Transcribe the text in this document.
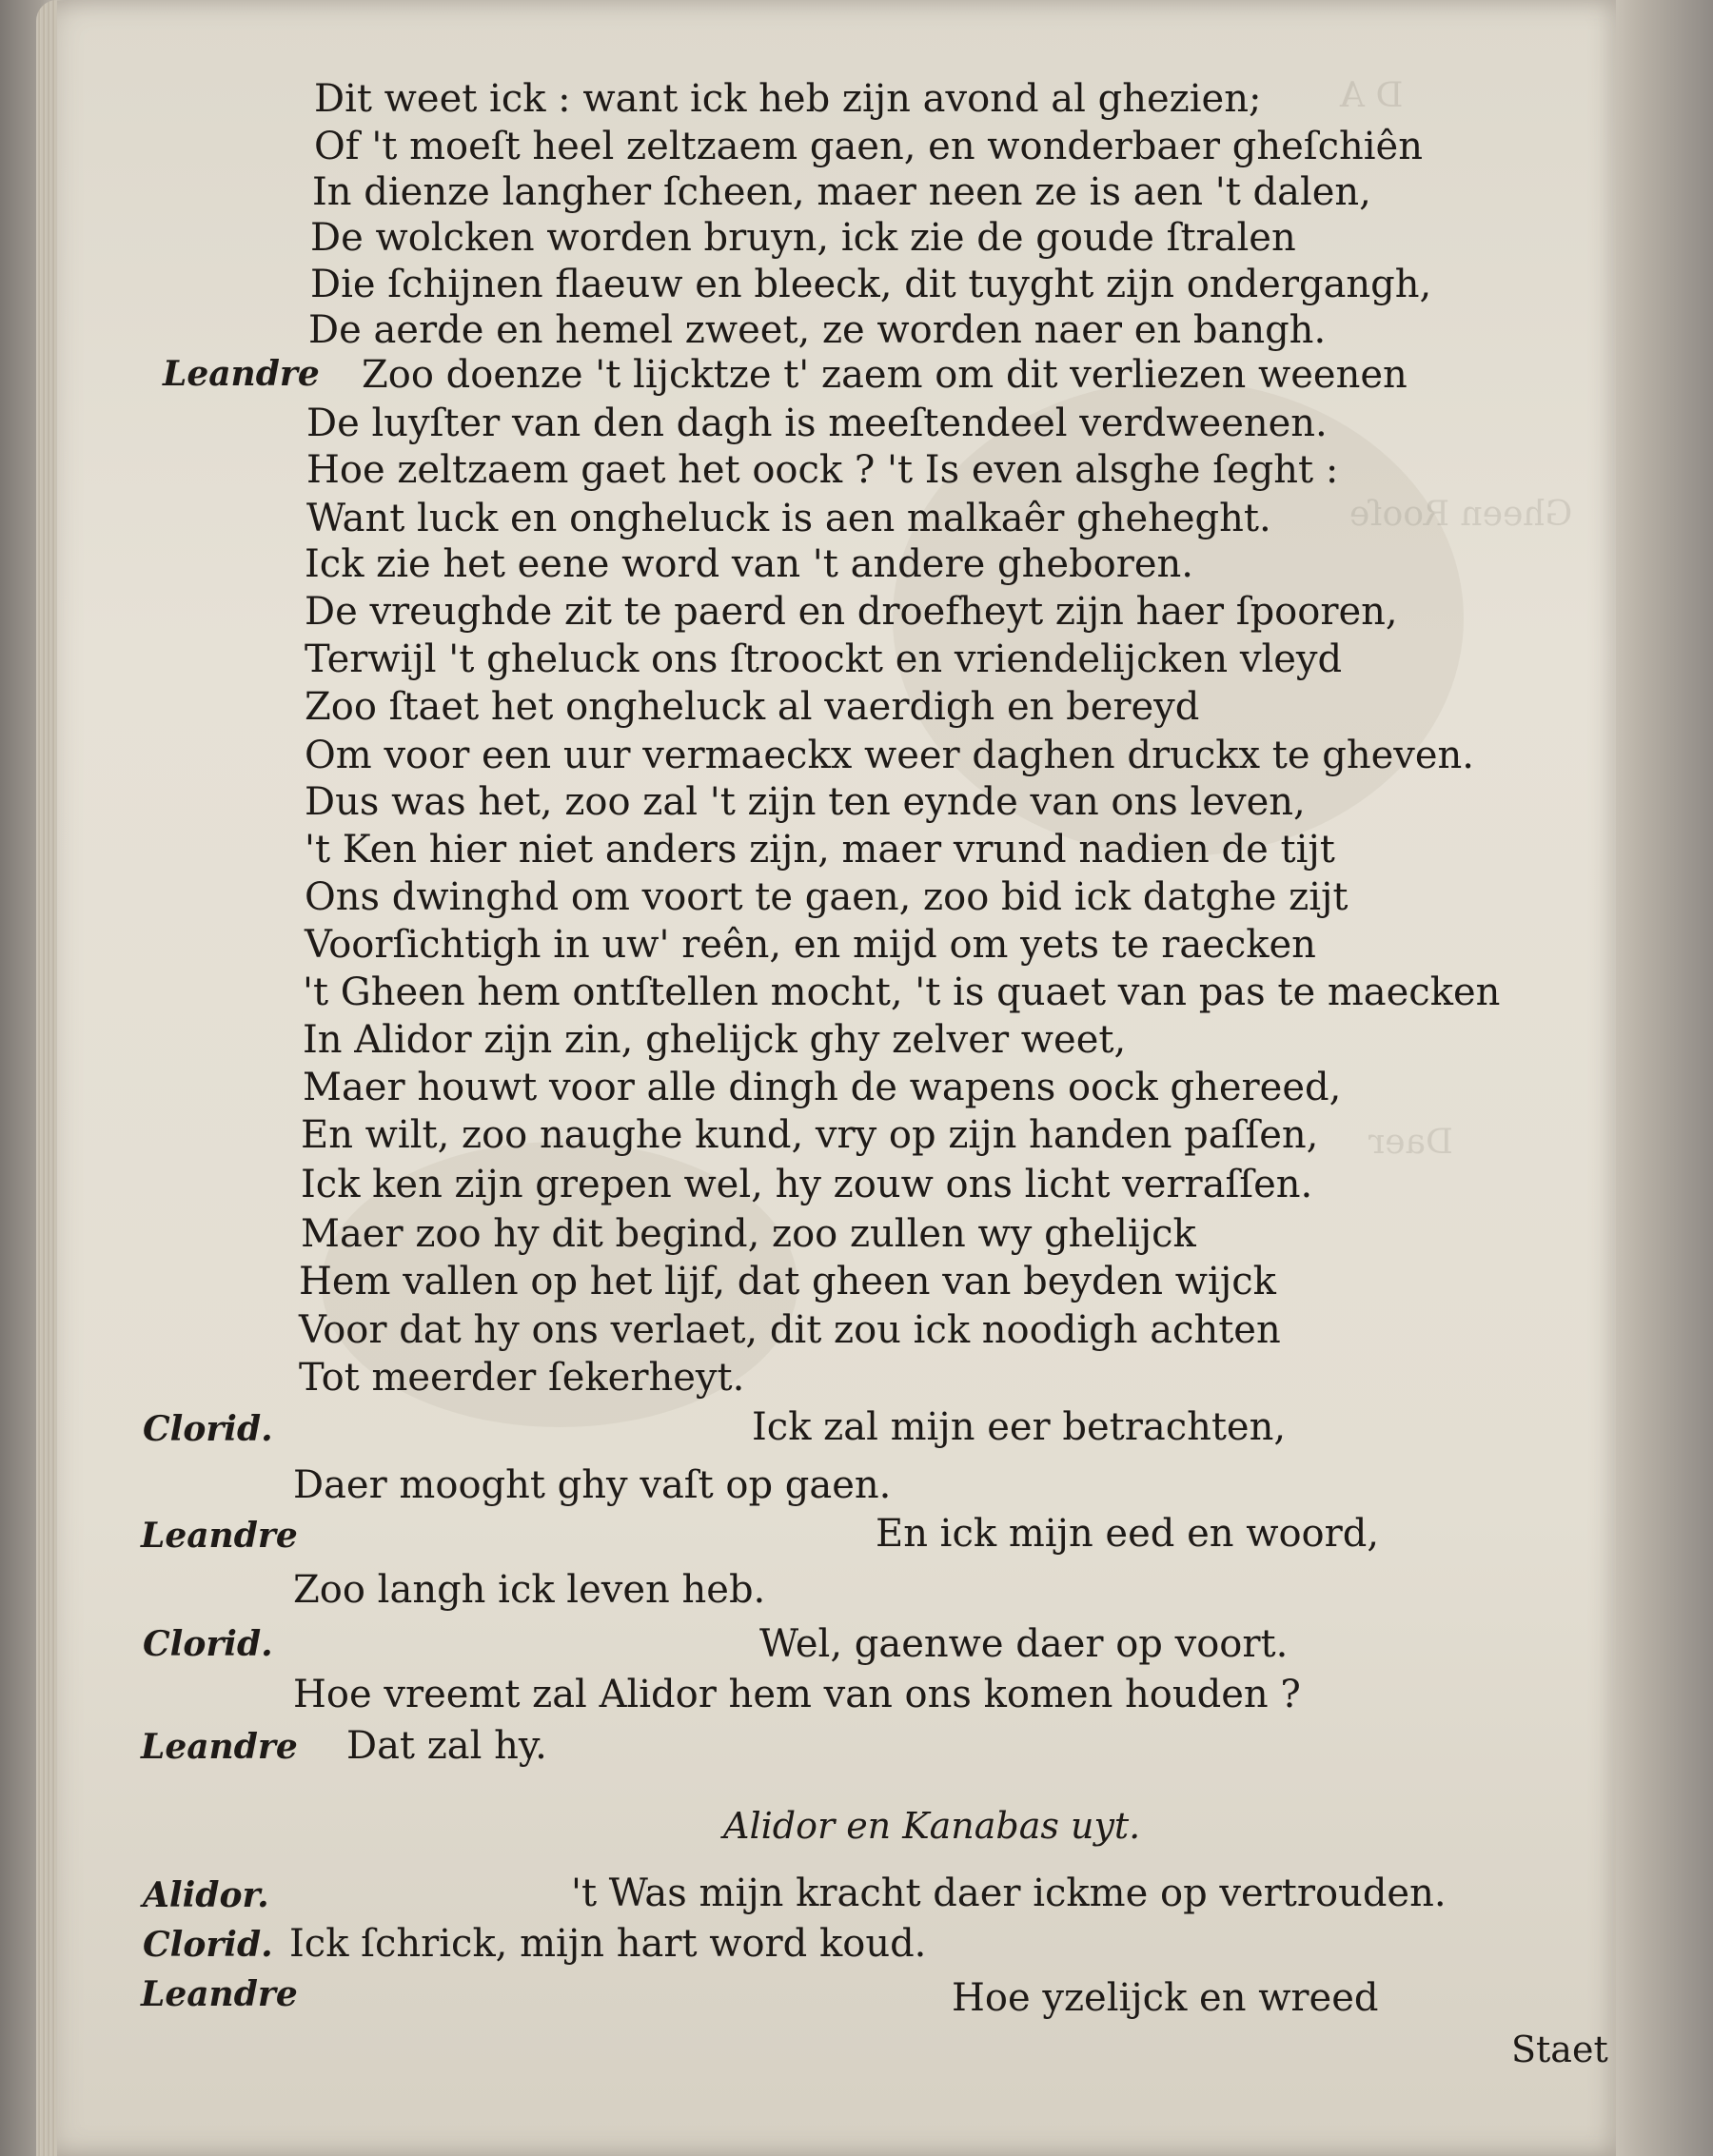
D A
Gheen Rooſe
Daer
Dit weet ick : want ick heb zijn avond al ghezien;
Of 't moeſt heel zeltzaem gaen, en wonderbaer gheſchiên
In dienze langher ſcheen, maer neen ze is aen 't dalen,
De wolcken worden bruyn, ick zie de goude ſtralen
Die ſchijnen flaeuw en bleeck, dit tuyght zijn ondergangh,
De aerde en hemel zweet, ze worden naer en bangh.
Leandre Zoo doenze 't lijcktze t' zaem om dit verliezen weenen
De luyſter van den dagh is meeſtendeel verdweenen.
Hoe zeltzaem gaet het oock ? 't Is even alsghe ſeght :
Want luck en ongheluck is aen malkaêr gheheght.
Ick zie het eene word van 't andere gheboren.
De vreughde zit te paerd en droefheyt zijn haer ſpooren,
Terwijl 't gheluck ons ſtroockt en vriendelijcken vleyd
Zoo ſtaet het ongheluck al vaerdigh en bereyd
Om voor een uur vermaeckx weer daghen druckx te gheven.
Dus was het, zoo zal 't zijn ten eynde van ons leven,
't Ken hier niet anders zijn, maer vrund nadien de tijt
Ons dwinghd om voort te gaen, zoo bid ick datghe zijt
Voorſichtigh in uw' reên, en mijd om yets te raecken
't Gheen hem ontſtellen mocht, 't is quaet van pas te maecken
In Alidor zijn zin, ghelijck ghy zelver weet,
Maer houwt voor alle dingh de wapens oock ghereed,
En wilt, zoo naughe kund, vry op zijn handen paſſen,
Ick ken zijn grepen wel, hy zouw ons licht verraſſen.
Maer zoo hy dit begind, zoo zullen wy ghelijck
Hem vallen op het lijf, dat gheen van beyden wijck
Voor dat hy ons verlaet, dit zou ick noodigh achten
Tot meerder ſekerheyt.
Clorid.	Ick zal mijn eer betrachten,
Daer mooght ghy vaſt op gaen.
Leandre	En ick mijn eed en woord,
Zoo langh ick leven heb.
Clorid.	Wel, gaenwe daer op voort.
Hoe vreemt zal Alidor hem van ons komen houden ?
Leandre Dat zal hy.
Alidor en Kanabas uyt.
Alidor.	't Was mijn kracht daer ickme op vertrouden.
Clorid. Ick ſchrick, mijn hart word koud.
Leandre	Hoe yzelijck en wreed
Staet
